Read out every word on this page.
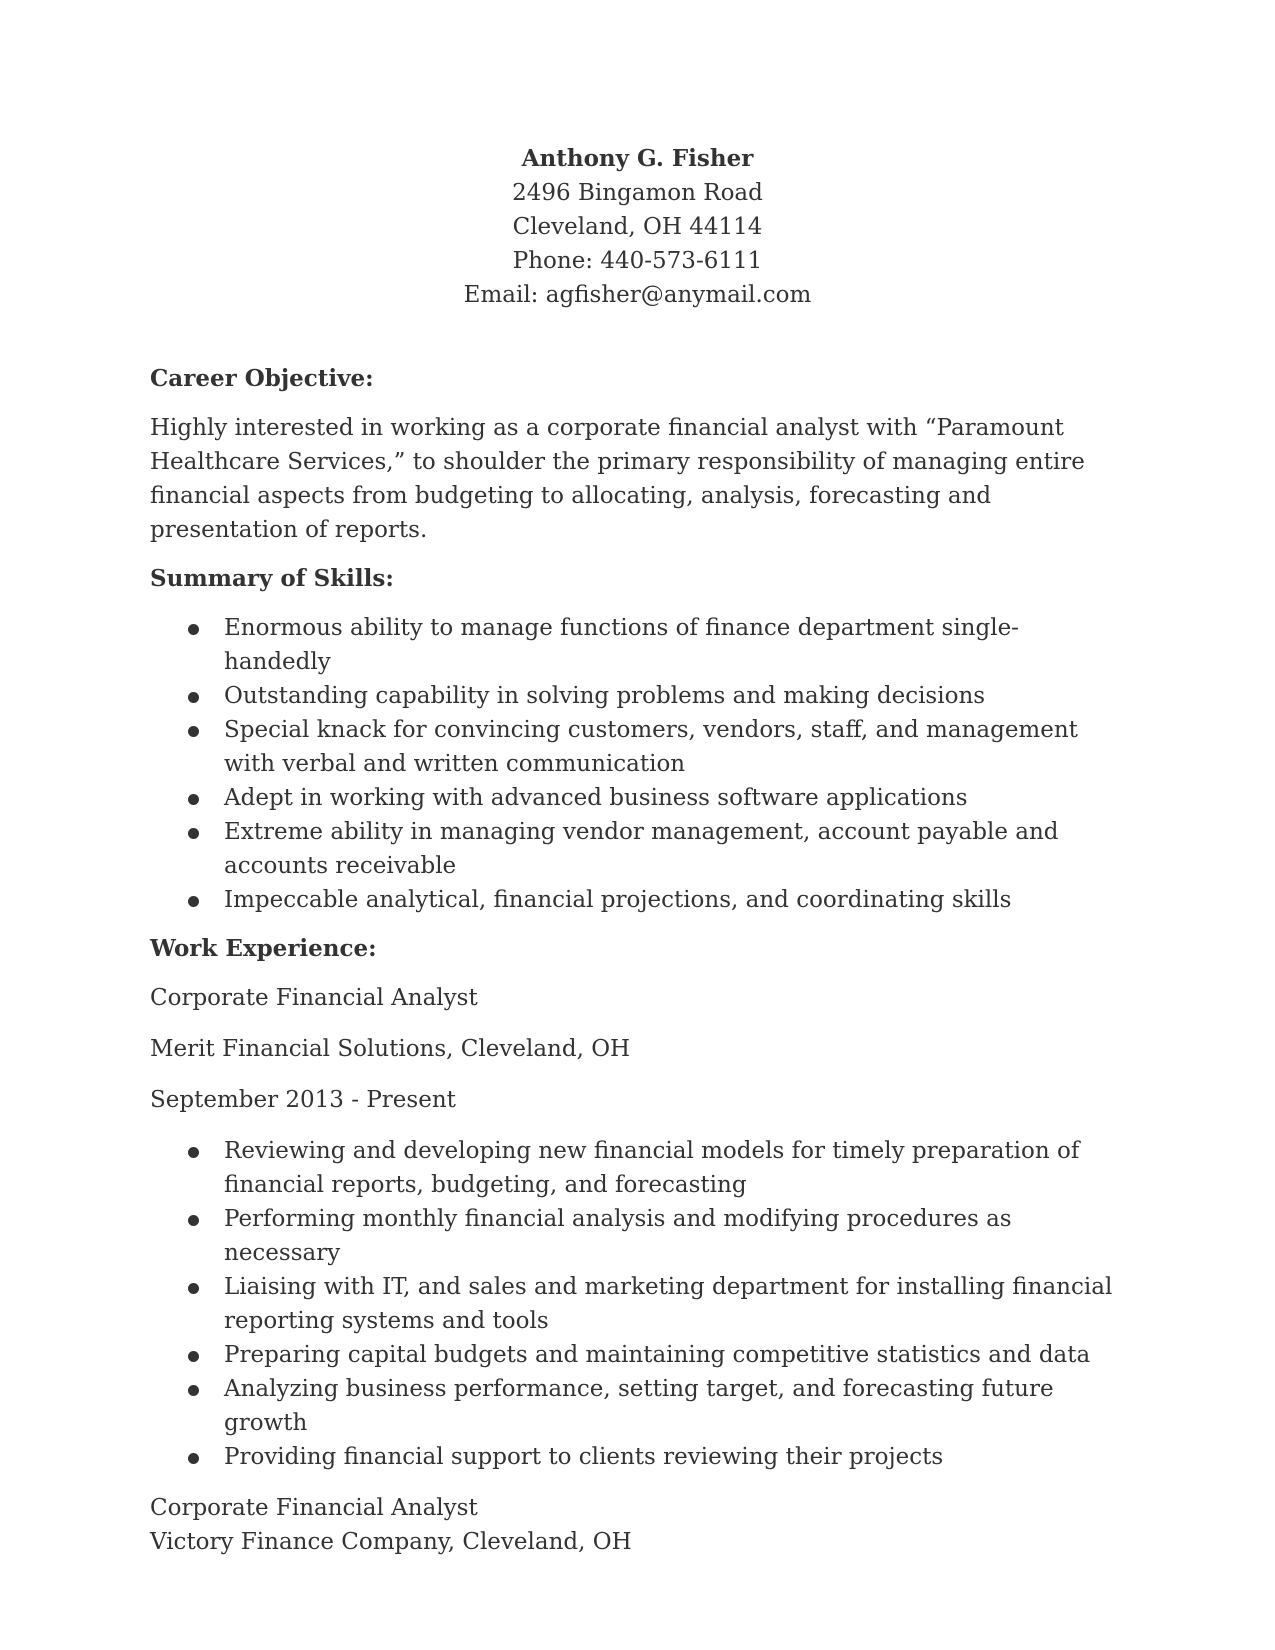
Anthony G. Fisher
2496 Bingamon Road
Cleveland, OH 44114
Phone: 440-573-6111
Email: agfisher@anymail.com
Career Objective:

Highly interested in working as a corporate financial analyst with “Paramount Healthcare Services,” to shoulder the primary responsibility of managing entire financial aspects from budgeting to allocating, analysis, forecasting and presentation of reports.

Summary of Skills:
Enormous ability to manage functions of finance department single-handedly
Outstanding capability in solving problems and making decisions
Special knack for convincing customers, vendors, staff, and management with verbal and written communication
Adept in working with advanced business software applications
Extreme ability in managing vendor management, account payable and accounts receivable
Impeccable analytical, financial projections, and coordinating skills
Work Experience:

Corporate Financial Analyst

Merit Financial Solutions, Cleveland, OH

September 2013 - Present

Reviewing and developing new financial models for timely preparation of financial reports, budgeting, and forecasting
Performing monthly financial analysis and modifying procedures as necessary
Liaising with IT, and sales and marketing department for installing financial reporting systems and tools
Preparing capital budgets and maintaining competitive statistics and data
Analyzing business performance, setting target, and forecasting future growth
Providing financial support to clients reviewing their projects

Corporate Financial Analyst

Victory Finance Company, Cleveland, OH
